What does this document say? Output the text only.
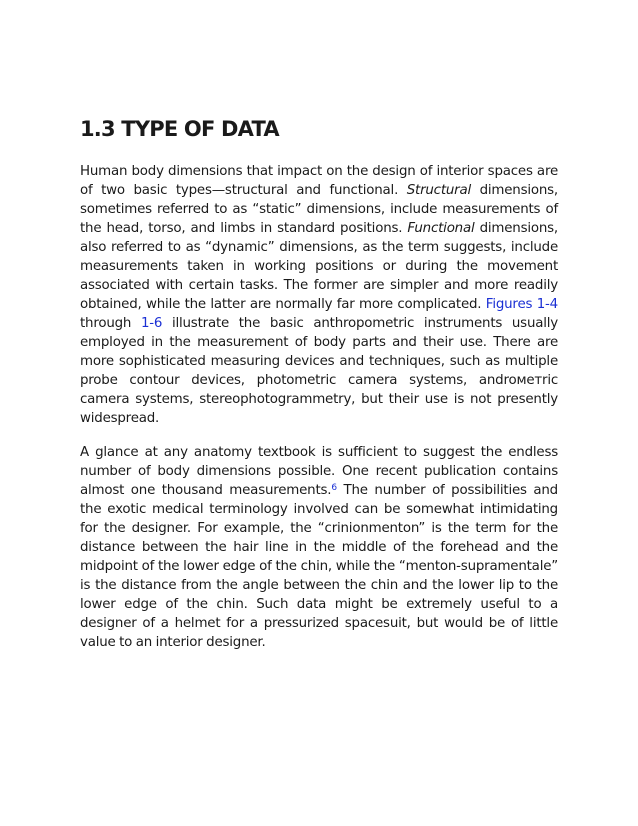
1.3 TYPE OF DATA

Human body dimensions that impact on the design of interior spaces are of two basic types—structural and functional. Structural dimensions, sometimes referred to as “static” dimensions, include measurements of the head, torso, and limbs in standard positions. Functional dimensions, also referred to as “dynamic” dimensions, as the term suggests, include measurements taken in working positions or during the movement associated with certain tasks. The former are simpler and more readily obtained, while the latter are normally far more complicated. Figures 1-4 through 1-6 illustrate the basic anthropometric instruments usually employed in the measurement of body parts and their use. There are more sophisticated measuring devices and techniques, such as multiple probe contour devices, photometric camera systems, androметric camera systems, stereophotogrammetry, but their use is not presently widespread.

A glance at any anatomy textbook is sufficient to suggest the endless number of body dimensions possible. One recent publication contains almost one thousand measurements.$^6$ The number of possibilities and the exotic medical terminology involved can be somewhat intimidating for the designer. For example, the “crinionmenton” is the term for the distance between the hair line in the middle of the forehead and the midpoint of the lower edge of the chin, while the “menton-supramentale” is the distance from the angle between the chin and the lower lip to the lower edge of the chin. Such data might be extremely useful to a designer of a helmet for a pressurized spacesuit, but would be of little value to an interior designer.
